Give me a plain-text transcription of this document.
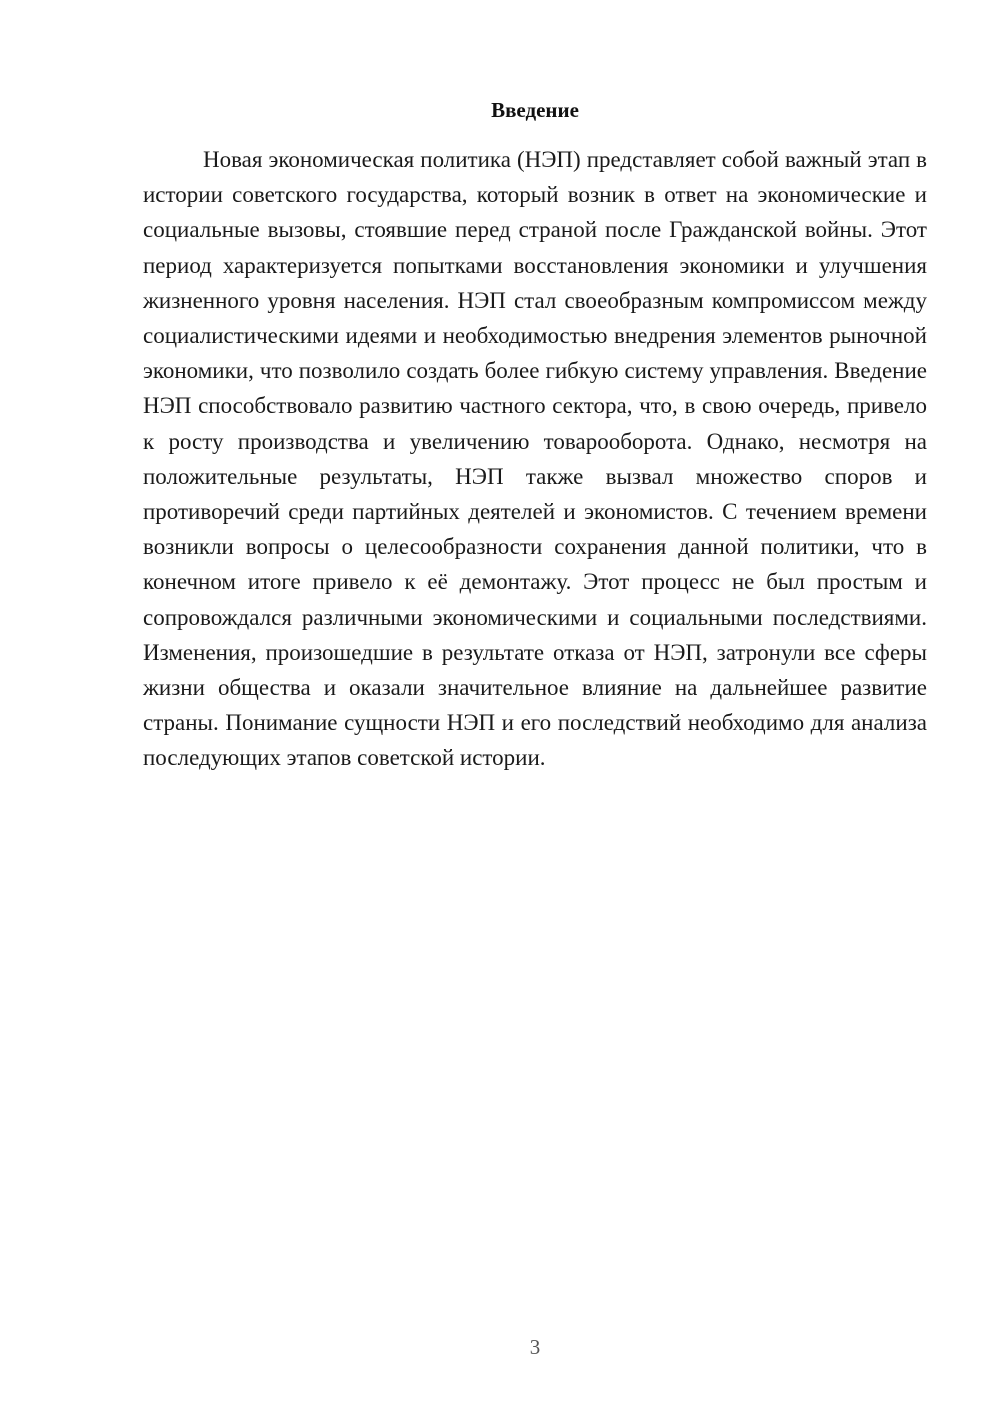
Введение

Новая экономическая политика (НЭП) представляет собой важный этап в истории советского государства, который возник в ответ на экономические и социальные вызовы, стоявшие перед страной после Гражданской войны. Этот период характеризуется попытками восстановления экономики и улучшения жизненного уровня населения. НЭП стал своеобразным компромиссом между социалистическими идеями и необходимостью внедрения элементов рыночной экономики, что позволило создать более гибкую систему управления. Введение НЭП способствовало развитию частного сектора, что, в свою очередь, привело к росту производства и увеличению товарооборота. Однако, несмотря на положительные результаты, НЭП также вызвал множество споров и противоречий среди партийных деятелей и экономистов. С течением времени возникли вопросы о целесообразности сохранения данной политики, что в конечном итоге привело к её демонтажу. Этот процесс не был простым и сопровождался различными экономическими и социальными последствиями. Изменения, произошедшие в результате отказа от НЭП, затронули все сферы жизни общества и оказали значительное влияние на дальнейшее развитие страны. Понимание сущности НЭП и его последствий необходимо для анализа последующих этапов советской истории.

3
